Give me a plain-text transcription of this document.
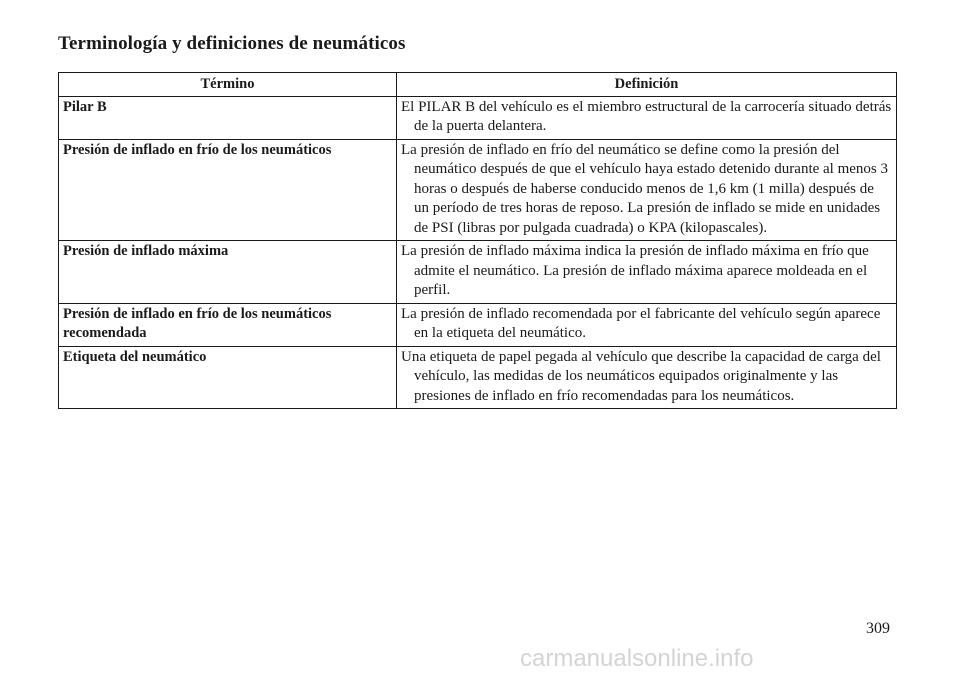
Terminología y definiciones de neumáticos
Término	Definición
Pilar B	El PILAR B del vehículo es el miembro estructural de la carrocería situado detrás de la puerta delantera.
Presión de inflado en frío de los neumáticos	La presión de inflado en frío del neumático se define como la presión del neumático después de que el vehículo haya estado detenido durante al menos 3 horas o después de haberse conducido menos de 1,6 km (1 milla) después de un período de tres horas de reposo. La presión de inflado se mide en unidades de PSI (libras por pulgada cuadrada) o KPA (kilopascales).
Presión de inflado máxima	La presión de inflado máxima indica la presión de inflado máxima en frío que admite el neumático. La presión de inflado máxima aparece moldeada en el perfil.
Presión de inflado en frío de los neumáticos recomendada	La presión de inflado recomendada por el fabricante del vehículo según aparece en la etiqueta del neumático.
Etiqueta del neumático	Una etiqueta de papel pegada al vehículo que describe la capacidad de carga del vehículo, las medidas de los neumáticos equipados originalmente y las presiones de inflado en frío recomendadas para los neumáticos.
309
carmanualsonline.info
